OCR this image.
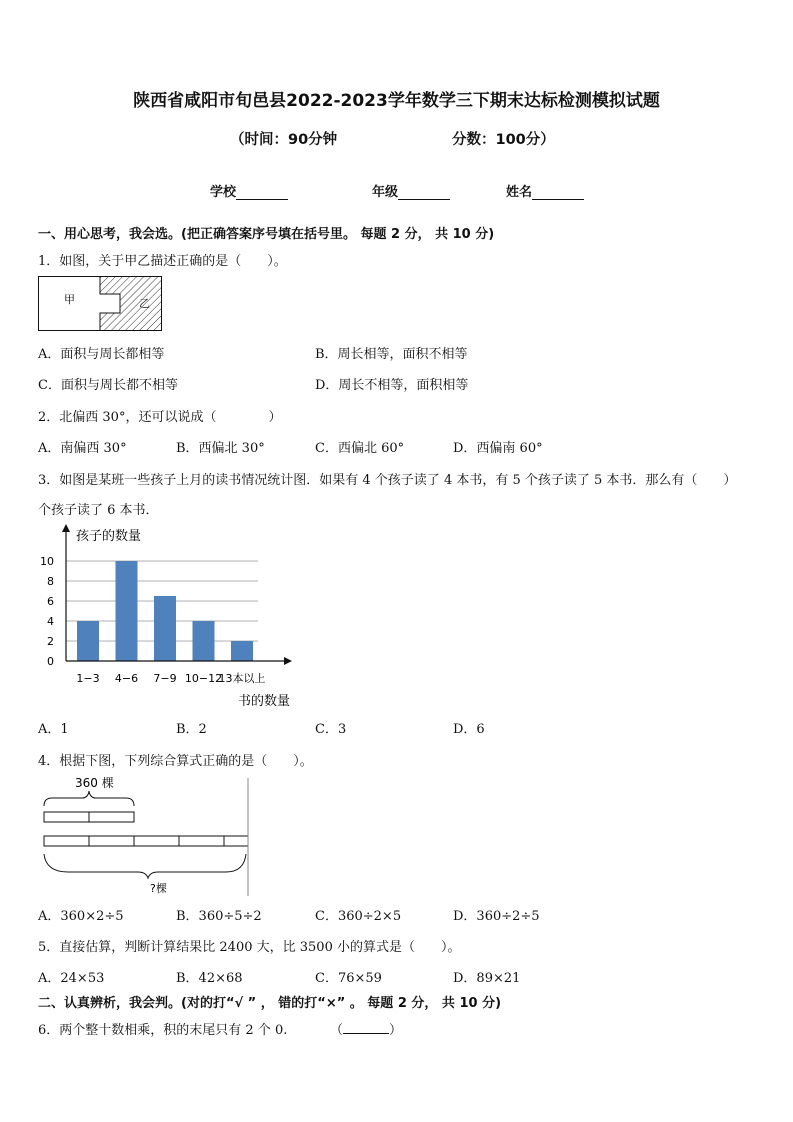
陕西省咸阳市旬邑县2022-2023学年数学三下期末达标检测模拟试题
（时间：90分钟	分数：100分）
学校	年级	姓名
一、用心思考，我会选。(把正确答案序号填在括号里。 每题 2 分， 共 10 分)
1．如图，关于甲乙描述正确的是（　　）。
甲	乙
A．面积与周长都相等	B．周长相等，面积不相等
C．面积与周长都不相等	D．周长不相等，面积相等
2．北偏西 30°，还可以说成（　　　　）
A．南偏西 30°	B．西偏北 30°	C．西偏北 60°	D．西偏南 60°
3．如图是某班一些孩子上月的读书情况统计图．如果有 4 个孩子读了 4 本书，有 5 个孩子读了 5 本书．那么有（　　）
个孩子读了 6 本书．
0
2
4
6
8
10
1−3 4−6 7−9 10−12
13本以上
孩子的数量
书的数量
A．1	B．2	C．3	D．6
4．根据下图，下列综合算式正确的是（　　）。
360 棵
?棵
A．360×2÷5	B．360÷5÷2	C．360÷2×5	D．360÷2÷5
5．直接估算，判断计算结果比 2400 大，比 3500 小的算式是（　　）。
A．24×53	B．42×68	C．76×59	D．89×21
二、认真辨析，我会判。(对的打“√ ” ， 错的打“×” 。 每题 2 分， 共 10 分)
6．两个整十数相乘，积的末尾只有 2 个 0.	（	）
